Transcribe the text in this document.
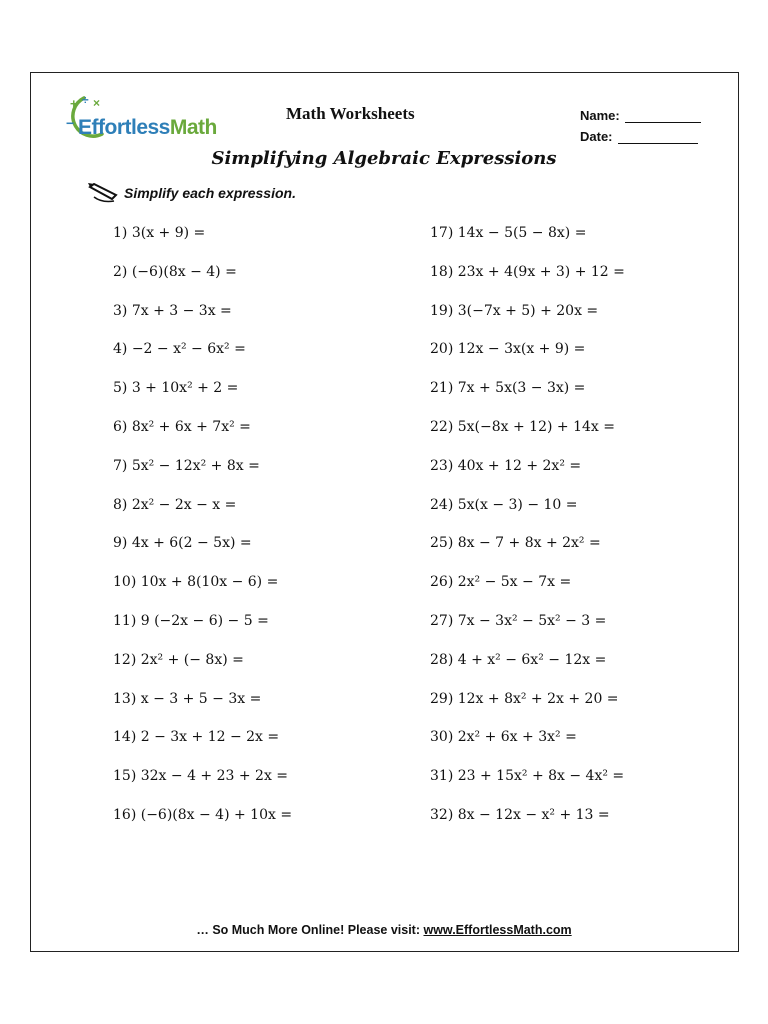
+ ÷ ×
− EffortlessMath
Math Worksheets	Name:
Date:
Simplifying Algebraic Expressions
Simplify each expression.
1) 3(x + 9) =
2) (−6)(8x − 4) =
3) 7x + 3 − 3x =
4) −2 − x² − 6x² =
5) 3 + 10x² + 2 =
6) 8x² + 6x + 7x² =
7) 5x² − 12x² + 8x =
8) 2x² − 2x − x =
9) 4x + 6(2 − 5x) =
10) 10x + 8(10x − 6) =
11) 9 (−2x − 6) − 5 =
12) 2x² + (− 8x) =
13) x − 3 + 5 − 3x =
14) 2 − 3x + 12 − 2x =
15) 32x − 4 + 23 + 2x =
16) (−6)(8x − 4) + 10x =
17) 14x − 5(5 − 8x) =
18) 23x + 4(9x + 3) + 12 =
19) 3(−7x + 5) + 20x =
20) 12x − 3x(x + 9) =
21) 7x + 5x(3 − 3x) =
22) 5x(−8x + 12) + 14x =
23) 40x + 12 + 2x² =
24) 5x(x − 3) − 10 =
25) 8x − 7 + 8x + 2x² =
26) 2x² − 5x − 7x =
27) 7x − 3x² − 5x² − 3 =
28) 4 + x² − 6x² − 12x =
29) 12x + 8x² + 2x + 20 =
30) 2x² + 6x + 3x² =
31) 23 + 15x² + 8x − 4x² =
32) 8x − 12x − x² + 13 =
… So Much More Online! Please visit: www.EffortlessMath.com
